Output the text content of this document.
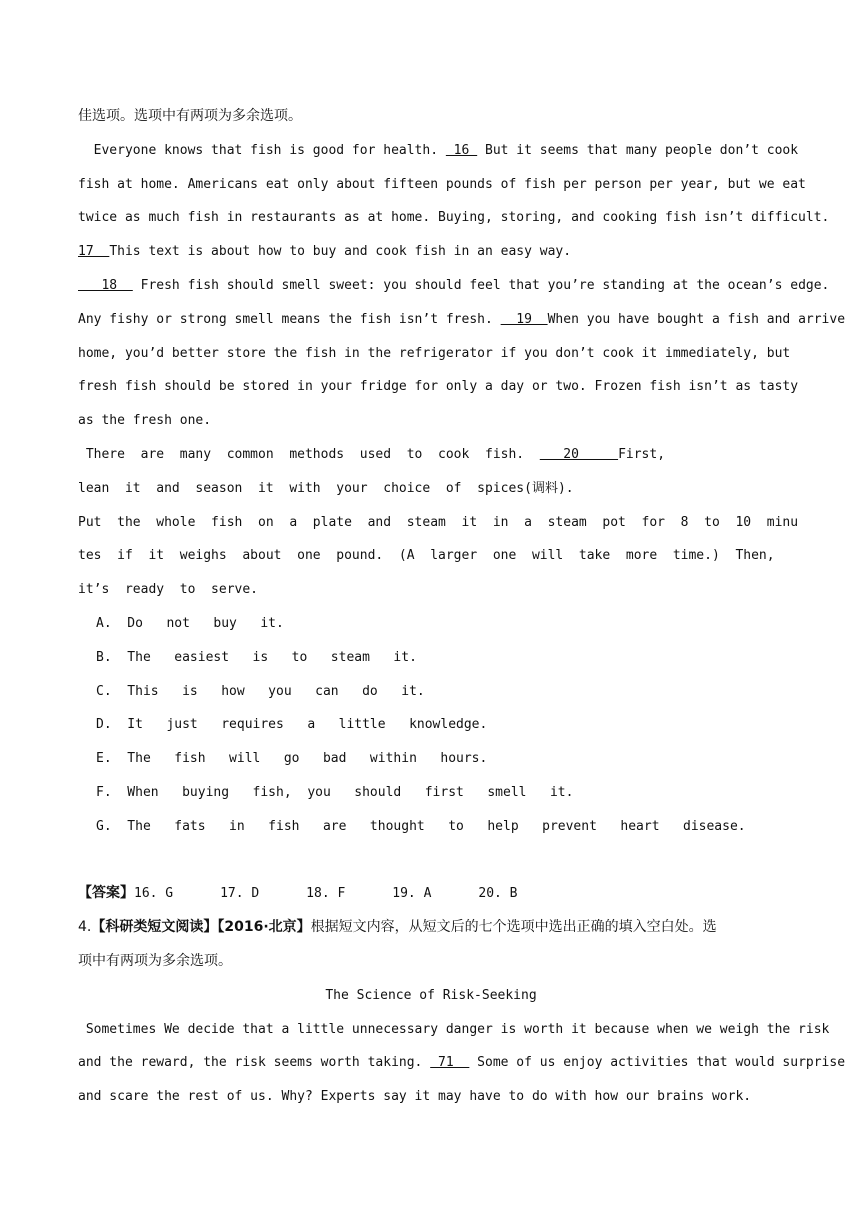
佳选项。选项中有两项为多余选项。
Everyone knows that fish is good for health.  16  But it seems that many people don’t cook
fish at home. Americans eat only about fifteen pounds of fish per person per year, but we eat
twice as much fish in restaurants as at home. Buying, storing, and cooking fish isn’t difficult.
17  This text is about how to buy and cook fish in an easy way.
18   Fresh fish should smell sweet: you should feel that you’re standing at the ocean’s edge.
Any fishy or strong smell means the fish isn’t fresh.   19  When you have bought a fish and arrive
home, you’d better store the fish in the refrigerator if you don’t cook it immediately, but
fresh fish should be stored in your fridge for only a day or two. Frozen fish isn’t as tasty
as the fresh one.
There  are  many  common  methods  used  to  cook  fish.     20     First,
lean  it  and  season  it  with  your  choice  of  spices(调料).
Put  the  whole  fish  on  a  plate  and  steam  it  in  a  steam  pot  for  8  to  10  minu
tes  if  it  weighs  about  one  pound.  (A  larger  one  will  take  more  time.)  Then,
it’s  ready  to  serve.
A.  Do   not   buy   it.
B.  The   easiest   is   to   steam   it.
C.  This   is   how   you   can   do   it.
D.  It   just   requires   a   little   knowledge.
E.  The   fish   will   go   bad   within   hours.
F.  When   buying   fish,  you   should   first   smell   it.
G.  The   fats   in   fish   are   thought   to   help   prevent   heart   disease.
【答案】16. G      17. D      18. F      19. A      20. B
4.【科研类短文阅读】【2016·北京】根据短文内容，从短文后的七个选项中选出正确的填入空白处。选
项中有两项为多余选项。
The Science of Risk-Seeking
Sometimes We decide that a little unnecessary danger is worth it because when we weigh the risk
and the reward, the risk seems worth taking.  71   Some of us enjoy activities that would surprise
and scare the rest of us. Why? Experts say it may have to do with how our brains work.
